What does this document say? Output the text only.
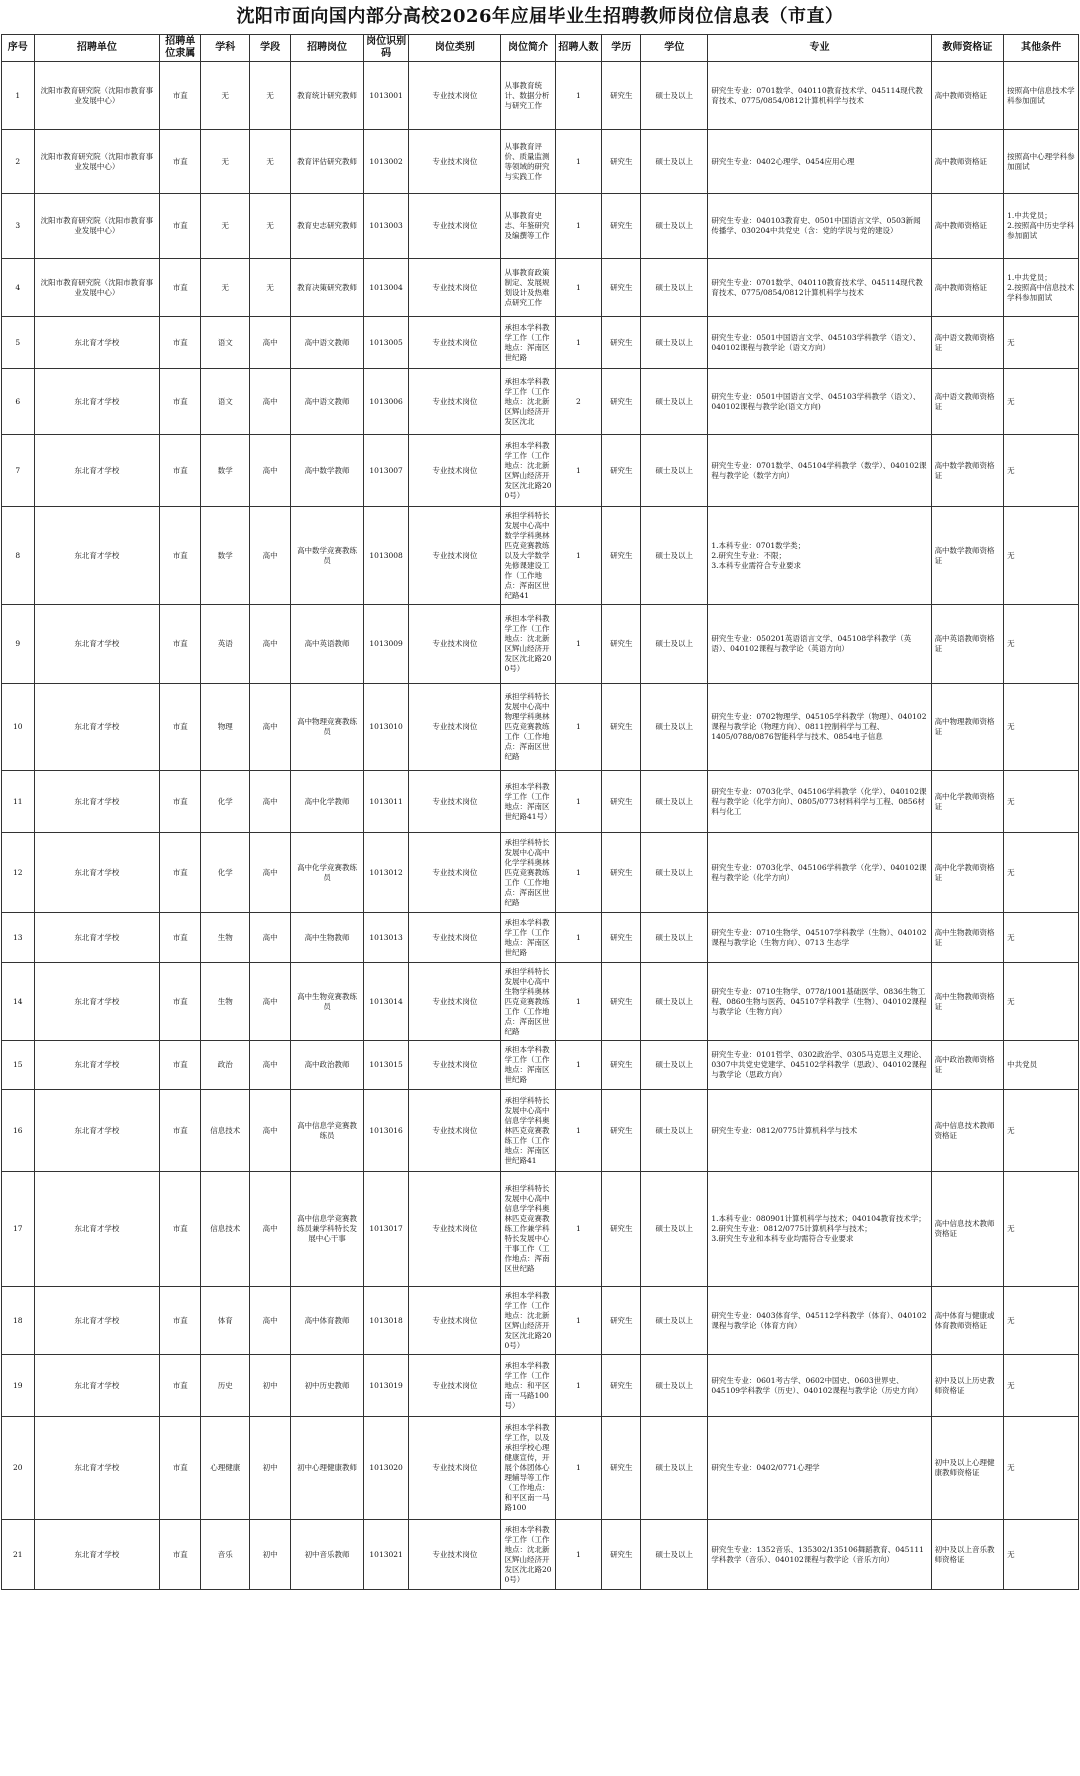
沈阳市面向国内部分高校2026年应届毕业生招聘教师岗位信息表（市直）
序号	招聘单位	招聘单位隶属	学科	学段	招聘岗位	岗位识别码	岗位类别	岗位简介	招聘人数	学历	学位	专业	教师资格证	其他条件
1	沈阳市教育研究院（沈阳市教育事业发展中心）	市直	无	无	教育统计研究教师	1013001	专业技术岗位	从事教育统计、数据分析与研究工作	1	研究生	硕士及以上	研究生专业：0701数学、040110教育技术学、045114现代教育技术、0775/0854/0812计算机科学与技术	高中教师资格证	按照高中信息技术学科参加面试
2	沈阳市教育研究院（沈阳市教育事业发展中心）	市直	无	无	教育评估研究教师	1013002	专业技术岗位	从事教育评价、质量监测等领域的研究与实践工作	1	研究生	硕士及以上	研究生专业：0402心理学、0454应用心理	高中教师资格证	按照高中心理学科参加面试
3	沈阳市教育研究院（沈阳市教育事业发展中心）	市直	无	无	教育史志研究教师	1013003	专业技术岗位	从事教育史志、年鉴研究及编撰等工作	1	研究生	硕士及以上	研究生专业：040103教育史、0501中国语言文学、0503新闻传播学、030204中共党史（含：党的学说与党的建设）	高中教师资格证	1.中共党员；
2.按照高中历史学科参加面试
4	沈阳市教育研究院（沈阳市教育事业发展中心）	市直	无	无	教育决策研究教师	1013004	专业技术岗位	从事教育政策制定、发展规划设计及热难点研究工作	1	研究生	硕士及以上	研究生专业：0701数学、040110教育技术学、045114现代教育技术、0775/0854/0812计算机科学与技术	高中教师资格证	1.中共党员；
2.按照高中信息技术学科参加面试
5	东北育才学校	市直	语文	高中	高中语文教师	1013005	专业技术岗位	承担本学科教学工作（工作地点：浑南区世纪路	1	研究生	硕士及以上	研究生专业：0501中国语言文学、045103学科教学（语文）、040102课程与教学论（语文方向）	高中语文教师资格证	无
6	东北育才学校	市直	语文	高中	高中语文教师	1013006	专业技术岗位	承担本学科教学工作（工作地点：沈北新区辉山经济开发区沈北	2	研究生	硕士及以上	研究生专业：0501中国语言文学、045103学科教学（语文）、040102课程与教学论(语文方向)	高中语文教师资格证	无
7	东北育才学校	市直	数学	高中	高中数学教师	1013007	专业技术岗位	承担本学科教学工作（工作地点：沈北新区辉山经济开发区沈北路200号）	1	研究生	硕士及以上	研究生专业：0701数学、045104学科教学（数学）、040102课程与教学论（数学方向）	高中数学教师资格证	无
8	东北育才学校	市直	数学	高中	高中数学竞赛教练员	1013008	专业技术岗位	承担学科特长发展中心高中数学学科奥林匹克竞赛教练以及大学数学先修课建设工作（工作地点：浑南区世纪路41	1	研究生	硕士及以上	1.本科专业：0701数学类；
2.研究生专业：不限；
3.本科专业需符合专业要求	高中数学教师资格证	无
9	东北育才学校	市直	英语	高中	高中英语教师	1013009	专业技术岗位	承担本学科教学工作（工作地点：沈北新区辉山经济开发区沈北路200号）	1	研究生	硕士及以上	研究生专业：050201英语语言文学、045108学科教学（英语）、040102课程与教学论（英语方向）	高中英语教师资格证	无
10	东北育才学校	市直	物理	高中	高中物理竞赛教练员	1013010	专业技术岗位	承担学科特长发展中心高中物理学科奥林匹克竞赛教练工作（工作地点：浑南区世纪路	1	研究生	硕士及以上	研究生专业：0702物理学、045105学科教学（物理）、040102课程与教学论（物理方向）、0811控制科学与工程、1405/0788/0876智能科学与技术、0854电子信息	高中物理教师资格证	无
11	东北育才学校	市直	化学	高中	高中化学教师	1013011	专业技术岗位	承担本学科教学工作（工作地点：浑南区世纪路41号）	1	研究生	硕士及以上	研究生专业：0703化学、045106学科教学（化学）、040102课程与教学论（化学方向）、0805/0773材料科学与工程、0856材料与化工	高中化学教师资格证	无
12	东北育才学校	市直	化学	高中	高中化学竞赛教练员	1013012	专业技术岗位	承担学科特长发展中心高中化学学科奥林匹克竞赛教练工作（工作地点：浑南区世纪路	1	研究生	硕士及以上	研究生专业：0703化学、045106学科教学（化学）、040102课程与教学论（化学方向）	高中化学教师资格证	无
13	东北育才学校	市直	生物	高中	高中生物教师	1013013	专业技术岗位	承担本学科教学工作（工作地点：浑南区世纪路	1	研究生	硕士及以上	研究生专业：0710生物学、045107学科教学（生物）、040102课程与教学论（生物方向）、0713 生态学	高中生物教师资格证	无
14	东北育才学校	市直	生物	高中	高中生物竞赛教练员	1013014	专业技术岗位	承担学科特长发展中心高中生物学科奥林匹克竞赛教练工作（工作地点：浑南区世纪路	1	研究生	硕士及以上	研究生专业：0710生物学、0778/1001基础医学、0836生物工程、0860生物与医药、045107学科教学（生物）、040102课程与教学论（生物方向）	高中生物教师资格证	无
15	东北育才学校	市直	政治	高中	高中政治教师	1013015	专业技术岗位	承担本学科教学工作（工作地点：浑南区世纪路	1	研究生	硕士及以上	研究生专业：0101哲学、0302政治学、0305马克思主义理论、0307中共党史党建学、045102学科教学（思政）、040102课程与教学论（思政方向）	高中政治教师资格证	中共党员
16	东北育才学校	市直	信息技术	高中	高中信息学竞赛教练员	1013016	专业技术岗位	承担学科特长发展中心高中信息学学科奥林匹克竞赛教练工作（工作地点：浑南区世纪路41	1	研究生	硕士及以上	研究生专业：0812/0775计算机科学与技术	高中信息技术教师资格证	无
17	东北育才学校	市直	信息技术	高中	高中信息学竞赛教练员兼学科特长发展中心干事	1013017	专业技术岗位	承担学科特长发展中心高中信息学学科奥林匹克竞赛教练工作兼学科特长发展中心干事工作（工作地点：浑南区世纪路	1	研究生	硕士及以上	1.本科专业：080901计算机科学与技术；040104教育技术学；
2.研究生专业：0812/0775计算机科学与技术；
3.研究生专业和本科专业均需符合专业要求	高中信息技术教师资格证	无
18	东北育才学校	市直	体育	高中	高中体育教师	1013018	专业技术岗位	承担本学科教学工作（工作地点：沈北新区辉山经济开发区沈北路200号）	1	研究生	硕士及以上	研究生专业：0403体育学、045112学科教学（体育）、040102课程与教学论（体育方向）	高中体育与健康或体育教师资格证	无
19	东北育才学校	市直	历史	初中	初中历史教师	1013019	专业技术岗位	承担本学科教学工作（工作地点：和平区南一马路100号）	1	研究生	硕士及以上	研究生专业：0601考古学、0602中国史、0603世界史、045109学科教学（历史）、040102课程与教学论（历史方向）	初中及以上历史教师资格证	无
20	东北育才学校	市直	心理健康	初中	初中心理健康教师	1013020	专业技术岗位	承担本学科教学工作，以及承担学校心理健康宣传，开展个体团体心理辅导等工作（工作地点：和平区南一马路100	1	研究生	硕士及以上	研究生专业：0402/0771心理学	初中及以上心理健康教师资格证	无
21	东北育才学校	市直	音乐	初中	初中音乐教师	1013021	专业技术岗位	承担本学科教学工作（工作地点：沈北新区辉山经济开发区沈北路200号）	1	研究生	硕士及以上	研究生专业：1352音乐、135302/135106舞蹈教育、045111学科教学（音乐）、040102课程与教学论（音乐方向）	初中及以上音乐教师资格证	无
